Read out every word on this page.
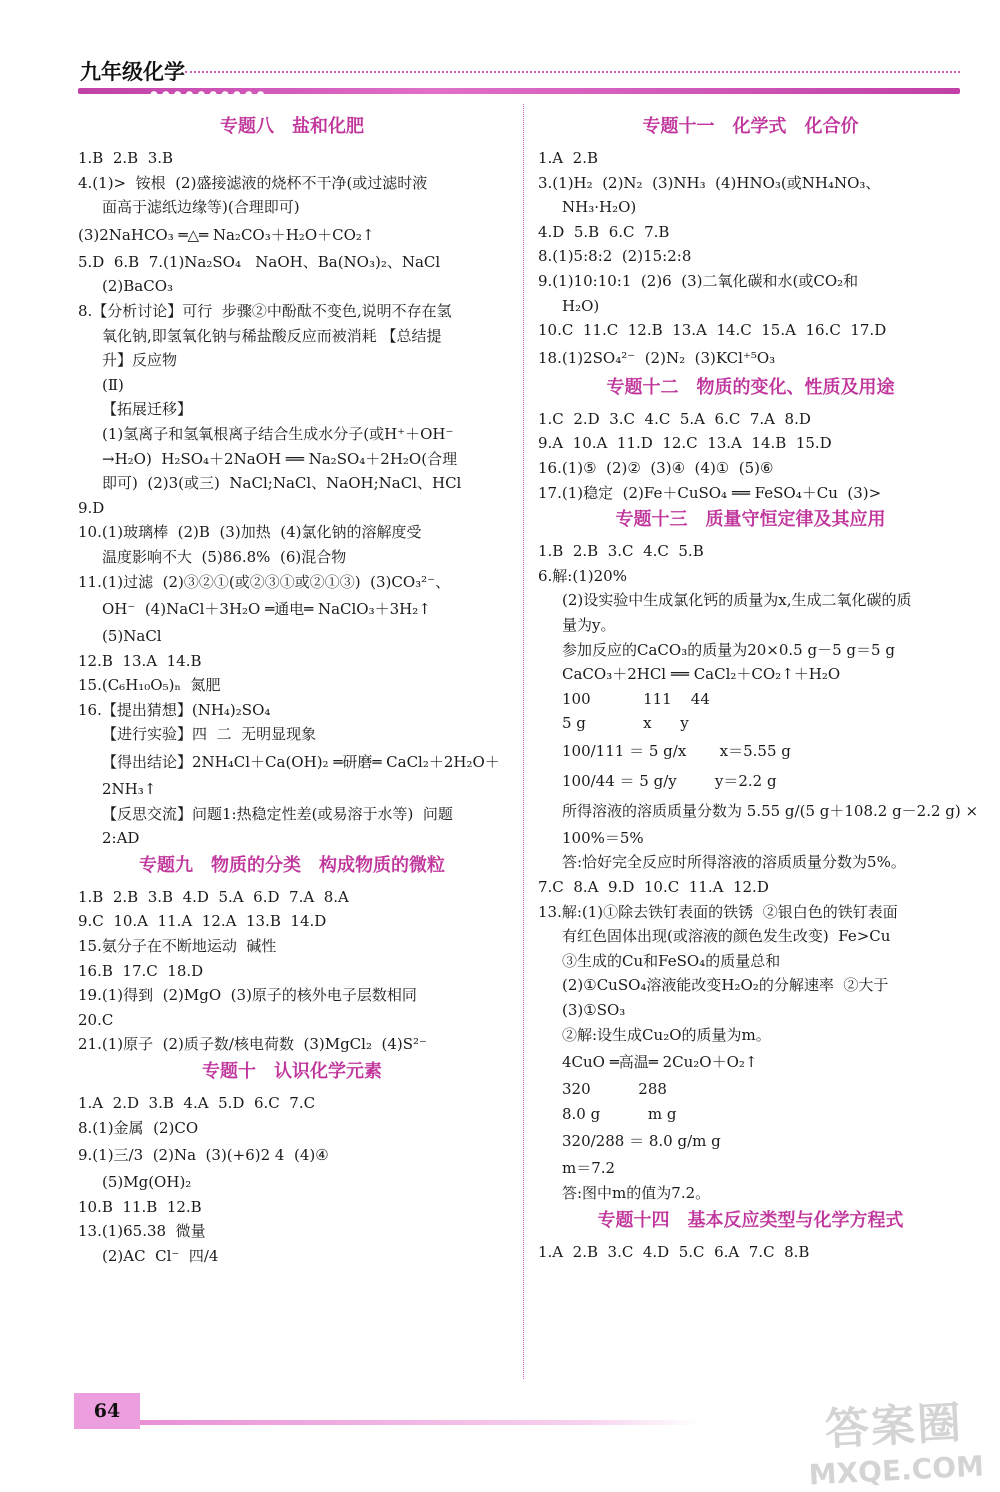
九年级化学
●●●●●●●●●●
专题八　盐和化肥
1.B  2.B  3.B
4.(1)>  铵根  (2)盛接滤液的烧杯不干净(或过滤时液
面高于滤纸边缘等)(合理即可)
(3)2NaHCO₃ ═△═ Na₂CO₃＋H₂O＋CO₂↑
5.D  6.B  7.(1)Na₂SO₄   NaOH、Ba(NO₃)₂、NaCl
(2)BaCO₃
8.【分析讨论】可行  步骤②中酚酞不变色,说明不存在氢
氧化钠,即氢氧化钠与稀盐酸反应而被消耗 【总结提
升】反应物
(Ⅱ)
【拓展迁移】
(1)氢离子和氢氧根离子结合生成水分子(或H⁺＋OH⁻
→H₂O)  H₂SO₄＋2NaOH ══ Na₂SO₄＋2H₂O(合理
即可)  (2)3(或三)  NaCl;NaCl、NaOH;NaCl、HCl
9.D
10.(1)玻璃棒  (2)B  (3)加热  (4)氯化钠的溶解度受
温度影响不大  (5)86.8%  (6)混合物
11.(1)过滤  (2)③②①(或②③①或②①③)  (3)CO₃²⁻、
OH⁻  (4)NaCl＋3H₂O ═通电═ NaClO₃＋3H₂↑
(5)NaCl
12.B  13.A  14.B
15.(C₆H₁₀O₅)ₙ  氮肥
16.【提出猜想】(NH₄)₂SO₄
【进行实验】四  二  无明显现象
【得出结论】2NH₄Cl＋Ca(OH)₂ ═研磨═ CaCl₂＋2H₂O＋
2NH₃↑
【反思交流】问题1:热稳定性差(或易溶于水等)  问题
2:AD
专题九　物质的分类　构成物质的微粒
1.B  2.B  3.B  4.D  5.A  6.D  7.A  8.A
9.C  10.A  11.A  12.A  13.B  14.D
15.氨分子在不断地运动  碱性
16.B  17.C  18.D
19.(1)得到  (2)MgO  (3)原子的核外电子层数相同
20.C
21.(1)原子  (2)质子数/核电荷数  (3)MgCl₂  (4)S²⁻
专题十　认识化学元素
1.A  2.D  3.B  4.A  5.D  6.C  7.C
8.(1)金属  (2)CO
9.(1)三/3  (2)Na  (3)(+6)2 4  (4)④
(5)Mg(OH)₂
10.B  11.B  12.B
13.(1)65.38  微量
(2)AC  Cl⁻  四/4
专题十一　化学式　化合价
1.A  2.B
3.(1)H₂  (2)N₂  (3)NH₃  (4)HNO₃(或NH₄NO₃、
NH₃·H₂O)
4.D  5.B  6.C  7.B
8.(1)5:8:2  (2)15:2:8
9.(1)10:10:1  (2)6  (3)二氧化碳和水(或CO₂和
H₂O)
10.C  11.C  12.B  13.A  14.C  15.A  16.C  17.D
18.(1)2SO₄²⁻  (2)N₂  (3)KCl⁺⁵O₃
专题十二　物质的变化、性质及用途
1.C  2.D  3.C  4.C  5.A  6.C  7.A  8.D
9.A  10.A  11.D  12.C  13.A  14.B  15.D
16.(1)⑤  (2)②  (3)④  (4)①  (5)⑥
17.(1)稳定  (2)Fe＋CuSO₄ ══ FeSO₄＋Cu  (3)>
专题十三　质量守恒定律及其应用
1.B  2.B  3.C  4.C  5.B
6.解:(1)20%
(2)设实验中生成氯化钙的质量为x,生成二氧化碳的质
量为y。
参加反应的CaCO₃的质量为20×0.5 g－5 g＝5 g
CaCO₃＋2HCl ══ CaCl₂＋CO₂↑＋H₂O
100           111    44
5 g            x      y
100/111 ＝ 5 g/x       x＝5.55 g
100/44 ＝ 5 g/y        y＝2.2 g
所得溶液的溶质质量分数为 5.55 g/(5 g＋108.2 g－2.2 g) ×
100%＝5%
答:恰好完全反应时所得溶液的溶质质量分数为5%。
7.C  8.A  9.D  10.C  11.A  12.D
13.解:(1)①除去铁钉表面的铁锈  ②银白色的铁钉表面
有红色固体出现(或溶液的颜色发生改变)  Fe>Cu
③生成的Cu和FeSO₄的质量总和
(2)①CuSO₄溶液能改变H₂O₂的分解速率  ②大于
(3)①SO₃
②解:设生成Cu₂O的质量为m。
4CuO ═高温═ 2Cu₂O＋O₂↑
320          288
8.0 g          m g
320/288 ＝ 8.0 g/m g
m＝7.2
答:图中m的值为7.2。
专题十四　基本反应类型与化学方程式
1.A  2.B  3.C  4.D  5.C  6.A  7.C  8.B
64	答案圈
MXQE.COM
